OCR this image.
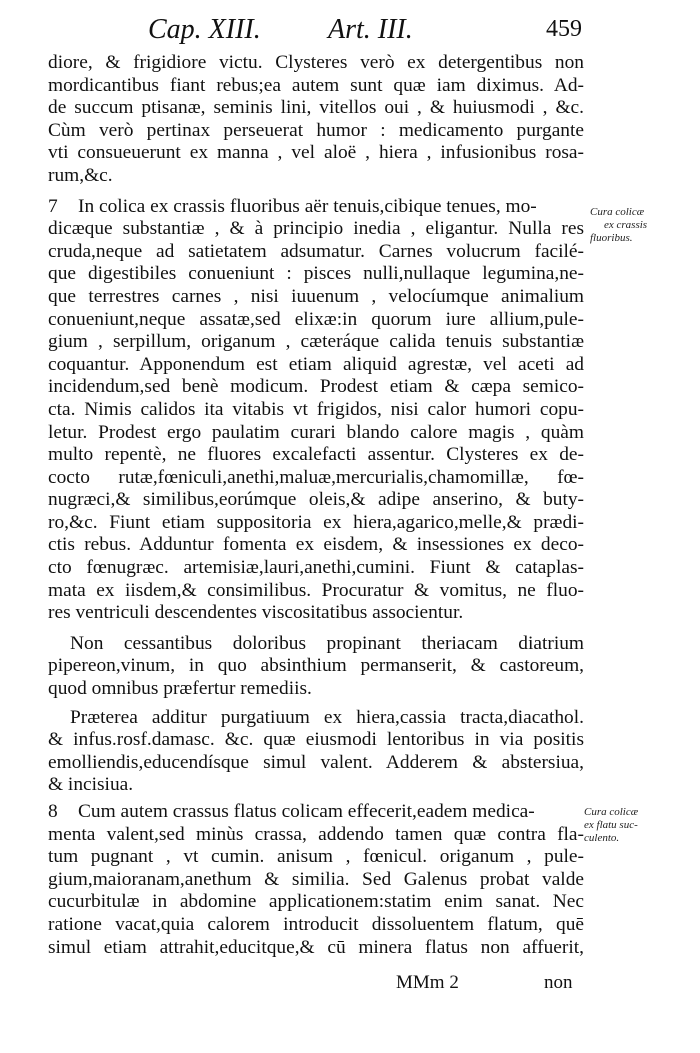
Cap. XIII. Art. III.	459
diore, & frigidiore victu. Clysteres verò ex detergentibus non
mordicantibus fiant rebus;ea autem sunt quæ iam diximus. Ad-
de succum ptisanæ, seminis lini, vitellos oui , & huiusmodi , &c.
Cùm verò pertinax perseuerat humor : medicamento purgante
vti consueuerunt ex manna , vel aloë , hiera , infusionibus rosa-
rum,&c.
7 In colica ex crassis fluoribus aër tenuis,cibique tenues, mo-
dicæque substantiæ , & à principio inedia , eligantur. Nulla res
cruda,neque ad satietatem adsumatur. Carnes volucrum facilé-
que digestibiles conueniunt : pisces nulli,nullaque legumina,ne-
que terrestres carnes , nisi iuuenum , velocíumque animalium
conueniunt,neque assatæ,sed elixæ:in quorum iure allium,pule-
gium , serpillum, origanum , cæteráque calida tenuis substantiæ
coquantur. Apponendum est etiam aliquid agrestæ, vel aceti ad
incidendum,sed benè modicum. Prodest etiam & cæpa semico-
cta. Nimis calidos ita vitabis vt frigidos, nisi calor humori copu-
letur. Prodest ergo paulatim curari blando calore magis , quàm
multo repentè, ne fluores excalefacti assentur. Clysteres ex de-
cocto rutæ,fœniculi,anethi,maluæ,mercurialis,chamomillæ, fœ-
nugræci,& similibus,eorúmque oleis,& adipe anserino, & buty-
ro,&c. Fiunt etiam suppositoria ex hiera,agarico,melle,& prædi-
ctis rebus. Adduntur fomenta ex eisdem, & insessiones ex deco-
cto fœnugræc. artemisiæ,lauri,anethi,cumini. Fiunt & cataplas-
mata ex iisdem,& consimilibus. Procuratur & vomitus, ne fluo-
res ventriculi descendentes viscositatibus associentur.
Non cessantibus doloribus propinant theriacam diatrium
pipereon,vinum, in quo absinthium permanserit, & castoreum,
quod omnibus præfertur remediis.
Præterea additur purgatiuum ex hiera,cassia tracta,diacathol.
& infus.rosf.damasc. &c. quæ eiusmodi lentoribus in via positis
emolliendis,educendísque simul valent. Adderem & abstersiua,
& incisiua.
8 Cum autem crassus flatus colicam effecerit,eadem medica-
menta valent,sed minùs crassa, addendo tamen quæ contra fla-
tum pugnant , vt cumin. anisum , fœnicul. origanum , pule-
gium,maioranam,anethum & similia. Sed Galenus probat valde
cucurbitulæ in abdomine applicationem:statim enim sanat. Nec
ratione vacat,quia calorem introducit dissoluentem flatum, quē
simul etiam attrahit,educitque,& cū minera flatus non affuerit,
Cura colicæ
ex crassis
fluoribus.
Cura colicæ
ex flatu suc-
culento.
MMm 2	non
